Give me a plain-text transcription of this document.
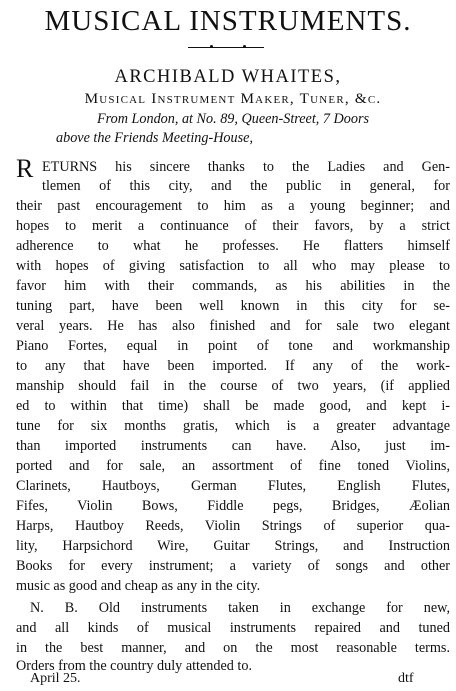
MUSICAL INSTRUMENTS.
ARCHIBALD WHAITES,
Musical Instrument Maker, Tuner, &c.
From London, at No. 89, Queen-Street, 7 Doors
above the Friends Meeting-House,
R ETURNS his sincere thanks to the Ladies and Gen-
tlemen of this city, and the public in general, for
their past encouragement to him as a young beginner; and
hopes to merit a continuance of their favors, by a strict
adherence to what he professes. He flatters himself
with hopes of giving satisfaction to all who may please to
favor him with their commands, as his abilities in the
tuning part, have been well known in this city for se-
veral years. He has also finished and for sale two elegant
Piano Fortes, equal in point of tone and workmanship
to any that have been imported. If any of the work-
manship should fail in the course of two years, (if applied
ed to within that time) shall be made good, and kept i-
tune for six months gratis, which is a greater advantage
than imported instruments can have. Also, just im-
ported and for sale, an assortment of fine toned Violins,
Clarinets, Hautboys, German Flutes, English Flutes,
Fifes, Violin Bows, Fiddle pegs, Bridges, Æolian
Harps, Hautboy Reeds, Violin Strings of superior qua-
lity, Harpsichord Wire, Guitar Strings, and Instruction
Books for every instrument; a variety of songs and other
music as good and cheap as any in the city.
N. B. Old instruments taken in exchange for new,
and all kinds of musical instruments repaired and tuned
in the best manner, and on the most reasonable terms.
Orders from the country duly attended to.
April 25.	dtf
